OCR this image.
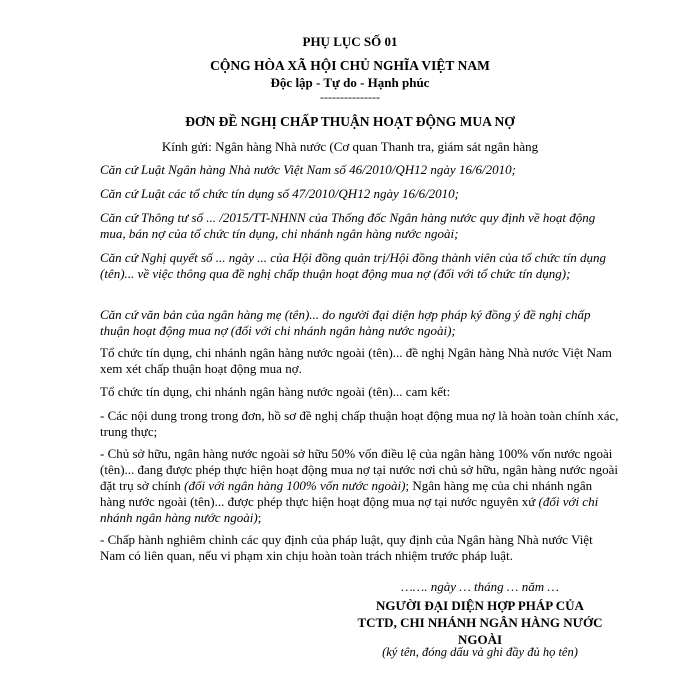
PHỤ LỤC SỐ 01
CỘNG HÒA XÃ HỘI CHỦ NGHĨA VIỆT NAM
Độc lập - Tự do - Hạnh phúc
---------------
ĐƠN ĐỀ NGHỊ CHẤP THUẬN HOẠT ĐỘNG MUA NỢ
Kính gửi: Ngân hàng Nhà nước (Cơ quan Thanh tra, giám sát ngân hàng
Căn cứ Luật Ngân hàng Nhà nước Việt Nam số 46/2010/QH12 ngày 16/6/2010;
Căn cứ Luật các tổ chức tín dụng số 47/2010/QH12 ngày 16/6/2010;
Căn cứ Thông tư số ... /2015/TT-NHNN của Thống đốc Ngân hàng nước quy định về hoạt động mua, bán nợ của tổ chức tín dụng, chi nhánh ngân hàng nước ngoài;
Căn cứ Nghị quyết số ... ngày ... của Hội đồng quản trị/Hội đồng thành viên của tổ chức tín dụng (tên)... về việc thông qua đề nghị chấp thuận hoạt động mua nợ (đối với tổ chức tín dụng);
Căn cứ văn bản của ngân hàng mẹ (tên)... do người đại diện hợp pháp ký đồng ý đề nghị chấp thuận hoạt động mua nợ (đối với chi nhánh ngân hàng nước ngoài);
Tổ chức tín dụng, chi nhánh ngân hàng nước ngoài (tên)... đề nghị Ngân hàng Nhà nước Việt Nam xem xét chấp thuận hoạt động mua nợ.
Tổ chức tín dụng, chi nhánh ngân hàng nước ngoài (tên)... cam kết:
- Các nội dung trong trong đơn, hồ sơ đề nghị chấp thuận hoạt động mua nợ là hoàn toàn chính xác, trung thực;
- Chủ sở hữu, ngân hàng nước ngoài sở hữu 50% vốn điều lệ của ngân hàng 100% vốn nước ngoài (tên)... đang được phép thực hiện hoạt động mua nợ tại nước nơi chủ sở hữu, ngân hàng nước ngoài đặt trụ sở chính (đối với ngân hàng 100% vốn nước ngoài); Ngân hàng mẹ của chi nhánh ngân hàng nước ngoài (tên)... được phép thực hiện hoạt động mua nợ tại nước nguyên xứ (đối với chi nhánh ngân hàng nước ngoài);
- Chấp hành nghiêm chỉnh các quy định của pháp luật, quy định của Ngân hàng Nhà nước Việt Nam có liên quan, nếu vi phạm xin chịu hoàn toàn trách nhiệm trước pháp luật.
……. ngày … tháng … năm …
NGƯỜI ĐẠI DIỆN HỢP PHÁP CỦA
TCTD, CHI NHÁNH NGÂN HÀNG NƯỚC
NGOÀI
(ký tên, đóng dấu và ghi đầy đủ họ tên)
